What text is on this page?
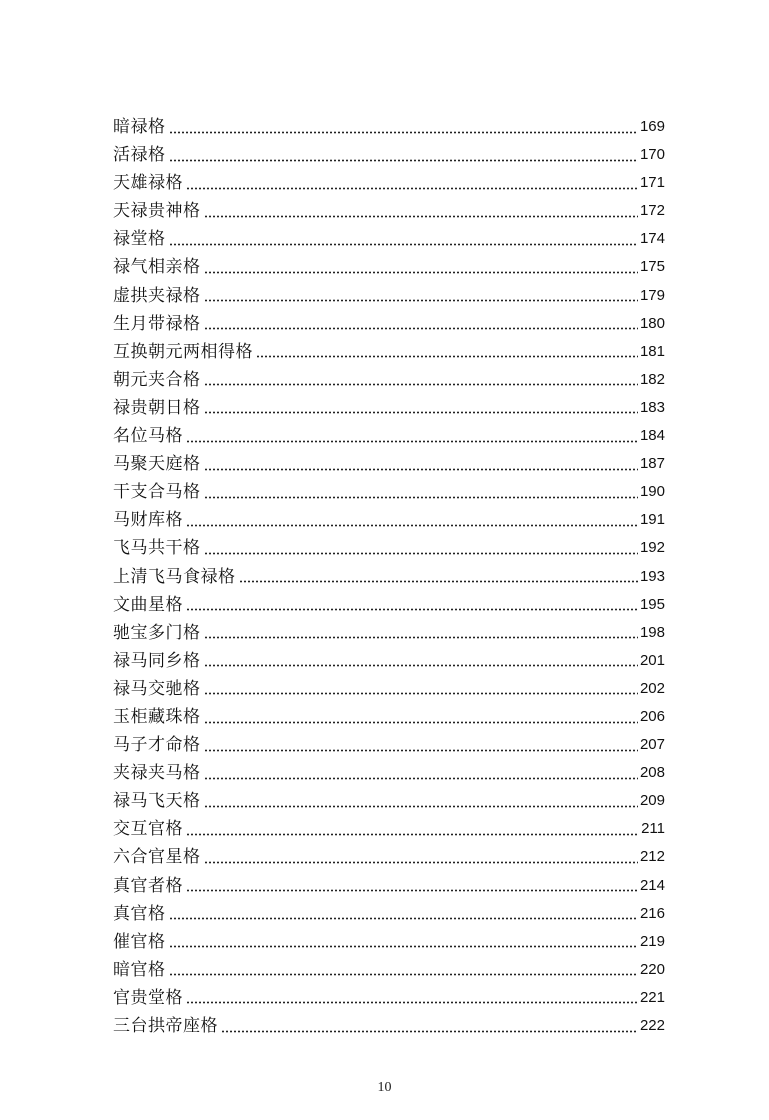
暗禄格	169
活禄格	170
天雄禄格	171
天禄贵神格	172
禄堂格	174
禄气相亲格	175
虚拱夹禄格	179
生月带禄格	180
互换朝元两相得格	181
朝元夹合格	182
禄贵朝日格	183
名位马格	184
马聚天庭格	187
干支合马格	190
马财库格	191
飞马共干格	192
上清飞马食禄格	193
文曲星格	195
驰宝多门格	198
禄马同乡格	201
禄马交驰格	202
玉柜藏珠格	206
马子才命格	207
夹禄夹马格	208
禄马飞天格	209
交互官格	211
六合官星格	212
真官者格	214
真官格	216
催官格	219
暗官格	220
官贵堂格	221
三台拱帝座格	222
10
